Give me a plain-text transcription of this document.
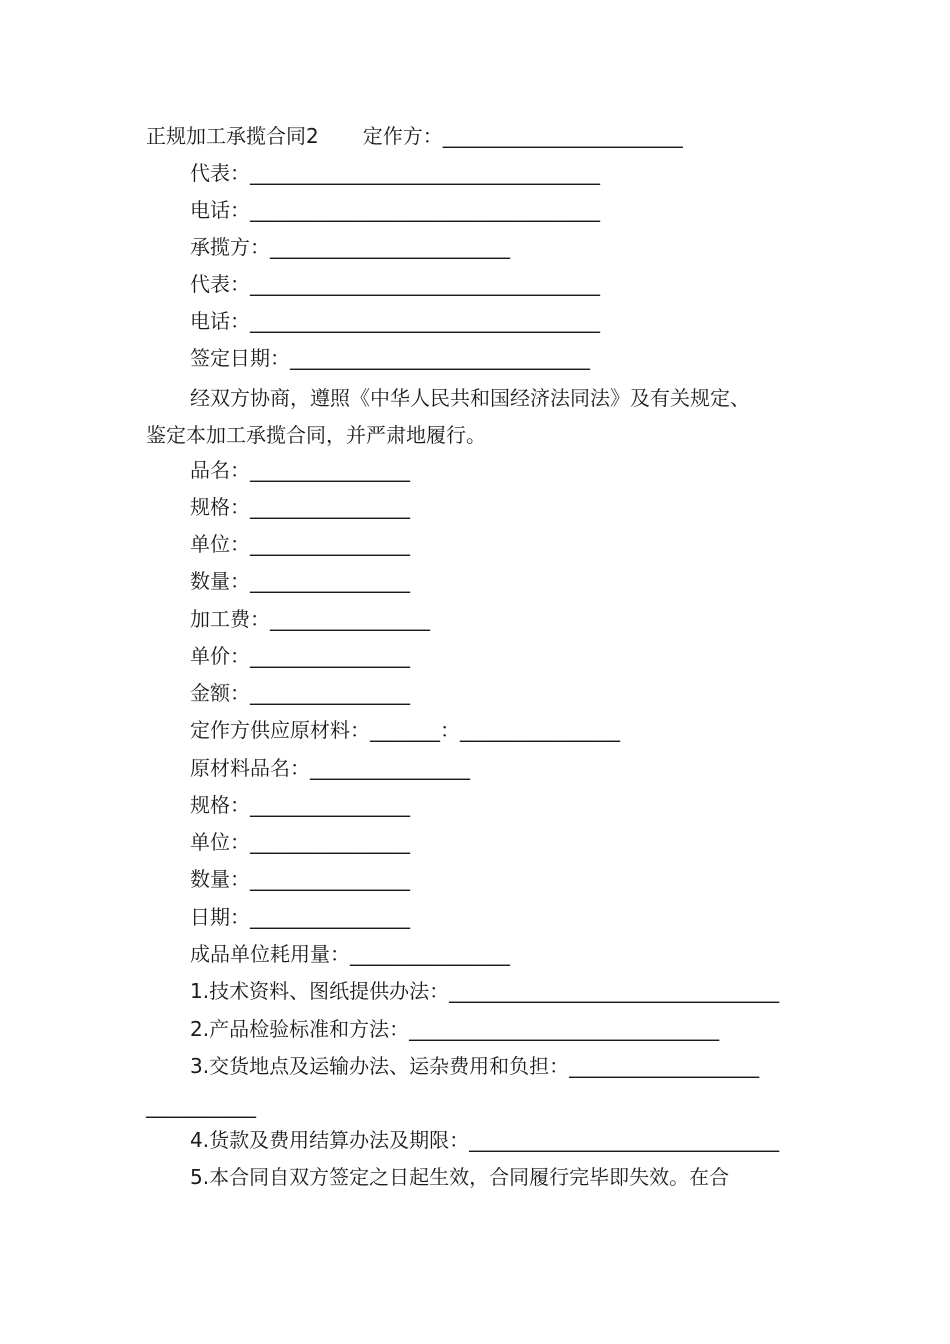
正规加工承揽合同2 定作方：________________________
代表：___________________________________
电话：___________________________________
承揽方：________________________
代表：___________________________________
电话：___________________________________
签定日期：______________________________
经双方协商，遵照《中华人民共和国经济法同法》及有关规定、
鉴定本加工承揽合同，并严肃地履行。
品名：________________
规格：________________
单位：________________
数量：________________
加工费：________________
单价：________________
金额：________________
定作方供应原材料：_______：________________
原材料品名：________________
规格：________________
单位：________________
数量：________________
日期：________________
成品单位耗用量：________________
1.技术资料、图纸提供办法：_________________________________
2.产品检验标准和方法：_______________________________
3.交货地点及运输办法、运杂费用和负担：___________________
___________
4.货款及费用结算办法及期限：_______________________________
5.本合同自双方签定之日起生效，合同履行完毕即失效。在合
